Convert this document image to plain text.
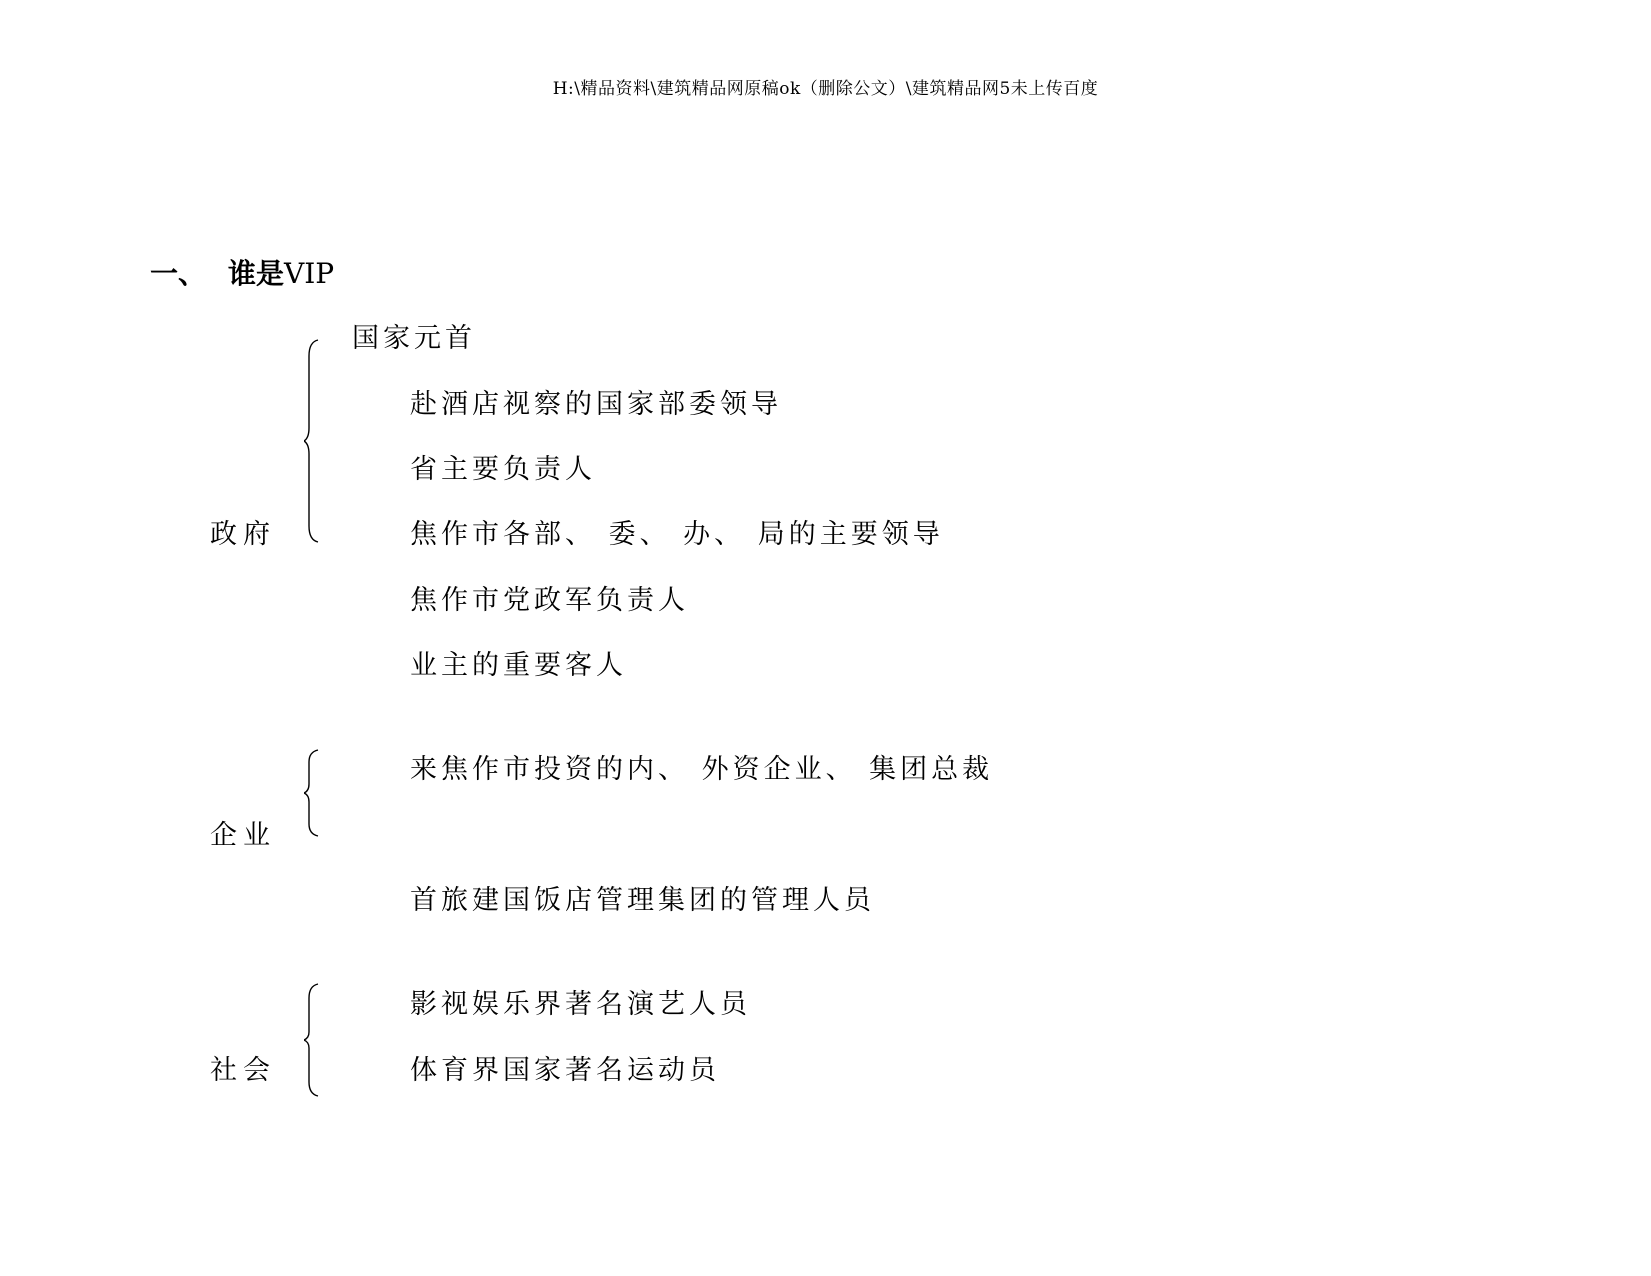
H:\精品资料\建筑精品网原稿ok（删除公文）\建筑精品网5未上传百度
一、 谁是 VIP
政府
国家元首
赴酒店视察的国家部委领导
省主要负责人
焦作市各部、 委、 办、 局的主要领导
焦作市党政军负责人
业主的重要客人
企业
来焦作市投资的内、 外资企业、 集团总裁
首旅建国饭店管理集团的管理人员
社会
影视娱乐界著名演艺人员
体育界国家著名运动员
